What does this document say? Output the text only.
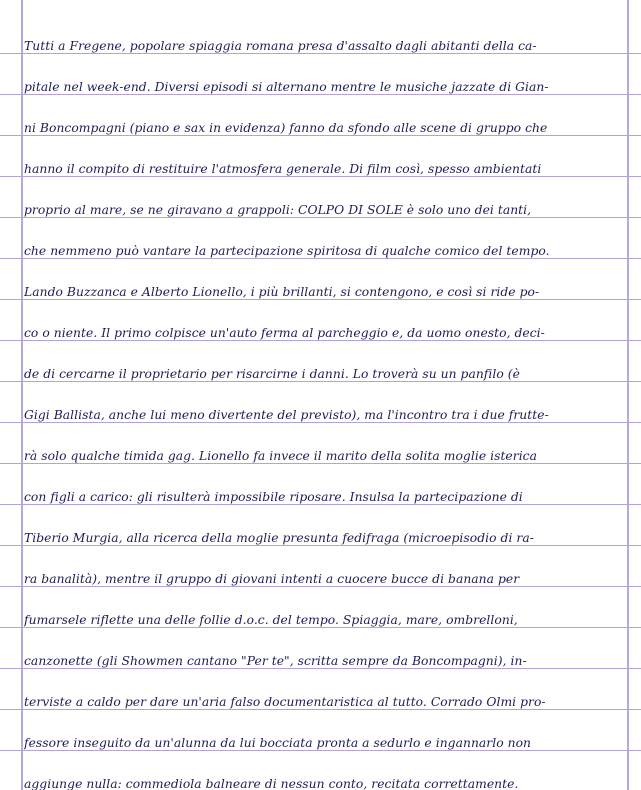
Tutti a Fregene, popolare spiaggia romana presa d'assalto dagli abitanti della ca-
pitale nel week-end. Diversi episodi si alternano mentre le musiche jazzate di Gian-
ni Boncompagni (piano e sax in evidenza) fanno da sfondo alle scene di gruppo che
hanno il compito di restituire l'atmosfera generale. Di film così, spesso ambientati
proprio al mare, se ne giravano a grappoli: COLPO DI SOLE è solo uno dei tanti,
che nemmeno può vantare la partecipazione spiritosa di qualche comico del tempo.
Lando Buzzanca e Alberto Lionello, i più brillanti, si contengono, e così si ride po-
co o niente. Il primo colpisce un'auto ferma al parcheggio e, da uomo onesto, deci-
de di cercarne il proprietario per risarcirne i danni. Lo troverà su un panfilo (è
Gigi Ballista, anche lui meno divertente del previsto), ma l'incontro tra i due frutte-
rà solo qualche timida gag. Lionello fa invece il marito della solita moglie isterica
con figli a carico: gli risulterà impossibile riposare. Insulsa la partecipazione di
Tiberio Murgia, alla ricerca della moglie presunta fedifraga (microepisodio di ra-
ra banalità), mentre il gruppo di giovani intenti a cuocere bucce di banana per
fumarsele riflette una delle follie d.o.c. del tempo. Spiaggia, mare, ombrelloni,
canzonette (gli Showmen cantano "Per te", scritta sempre da Boncompagni), in-
terviste a caldo per dare un'aria falso documentaristica al tutto. Corrado Olmi pro-
fessore inseguito da un'alunna da lui bocciata pronta a sedurlo e ingannarlo non
aggiunge nulla: commediola balneare di nessun conto, recitata correttamente.
